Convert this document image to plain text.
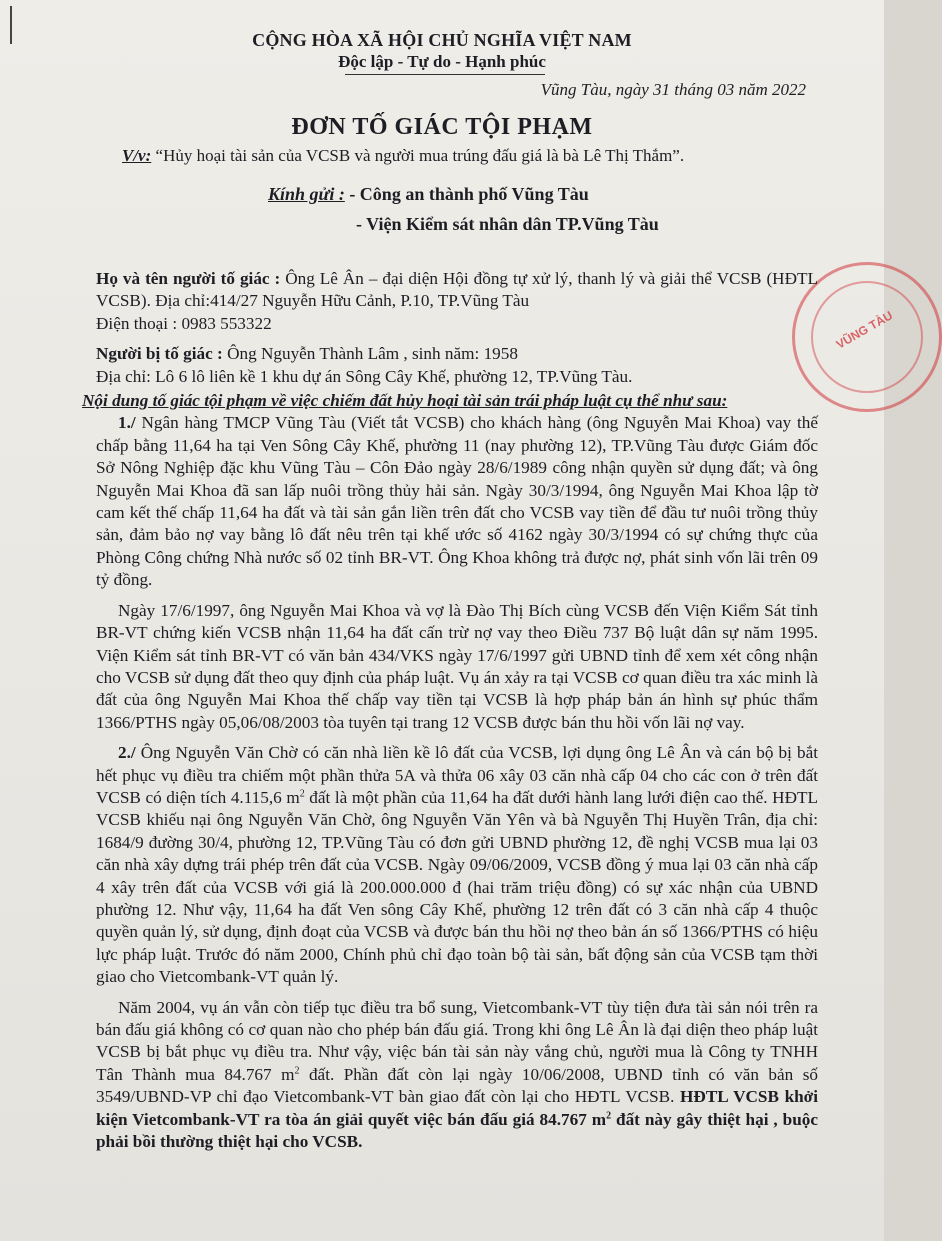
CỘNG HÒA XÃ HỘI CHỦ NGHĨA VIỆT NAM
Độc lập - Tự do - Hạnh phúc
Vũng Tàu, ngày 31 tháng 03 năm 2022
ĐƠN TỐ GIÁC TỘI PHẠM
V/v: “Hủy hoại tài sản của VCSB và người mua trúng đấu giá là bà Lê Thị Thắm”.
Kính gửi : - Công an thành phố Vũng Tàu
- Viện Kiểm sát nhân dân TP.Vũng Tàu
VŨNG TÀU

Họ và tên người tố giác : Ông Lê Ân – đại diện Hội đồng tự xử lý, thanh lý và giải thể VCSB (HĐTL VCSB). Địa chỉ:414/27 Nguyễn Hữu Cảnh, P.10, TP.Vũng Tàu

Điện thoại : 0983 553322

Người bị tố giác : Ông Nguyễn Thành Lâm , sinh năm: 1958

Địa chỉ: Lô 6 lô liên kề 1 khu dự án Sông Cây Khế, phường 12, TP.Vũng Tàu.

Nội dung tố giác tội phạm về việc chiếm đất hủy hoại tài sản trái pháp luật cụ thể như sau:

1./ Ngân hàng TMCP Vũng Tàu (Viết tắt VCSB) cho khách hàng (ông Nguyễn Mai Khoa) vay thế chấp bằng 11,64 ha tại Ven Sông Cây Khế, phường 11 (nay phường 12), TP.Vũng Tàu được Giám đốc Sở Nông Nghiệp đặc khu Vũng Tàu – Côn Đảo ngày 28/6/1989 công nhận quyền sử dụng đất; và ông Nguyễn Mai Khoa đã san lấp nuôi trồng thủy hải sản. Ngày 30/3/1994, ông Nguyễn Mai Khoa lập tờ cam kết thế chấp 11,64 ha đất và tài sản gắn liền trên đất cho VCSB vay tiền để đầu tư nuôi trồng thủy sản, đảm bảo nợ vay bằng lô đất nêu trên tại khế ước số 4162 ngày 30/3/1994 có sự chứng thực của Phòng Công chứng Nhà nước số 02 tỉnh BR-VT. Ông Khoa không trả được nợ, phát sinh vốn lãi trên 09 tỷ đồng.

Ngày 17/6/1997, ông Nguyễn Mai Khoa và vợ là Đào Thị Bích cùng VCSB đến Viện Kiểm Sát tỉnh BR-VT chứng kiến VCSB nhận 11,64 ha đất cấn trừ nợ vay theo Điều 737 Bộ luật dân sự năm 1995. Viện Kiểm sát tỉnh BR-VT có văn bản 434/VKS ngày 17/6/1997 gửi UBND tỉnh để xem xét công nhận cho VCSB sử dụng đất theo quy định của pháp luật. Vụ án xảy ra tại VCSB cơ quan điều tra xác minh là đất của ông Nguyễn Mai Khoa thế chấp vay tiền tại VCSB là hợp pháp bản án hình sự phúc thẩm 1366/PTHS ngày 05,06/08/2003 tòa tuyên tại trang 12 VCSB được bán thu hồi vốn lãi nợ vay.

2./ Ông Nguyễn Văn Chờ có căn nhà liền kề lô đất của VCSB, lợi dụng ông Lê Ân và cán bộ bị bắt hết phục vụ điều tra chiếm một phần thửa 5A và thửa 06 xây 03 căn nhà cấp 04 cho các con ở trên đất VCSB có diện tích 4.115,6 $m^2$ đất là một phần của 11,64 ha đất dưới hành lang lưới điện cao thế. HĐTL VCSB khiếu nại ông Nguyễn Văn Chờ, ông Nguyễn Văn Yên và bà Nguyễn Thị Huyền Trân, địa chỉ: 1684/9 đường 30/4, phường 12, TP.Vũng Tàu có đơn gửi UBND phường 12, đề nghị VCSB mua lại 03 căn nhà xây dựng trái phép trên đất của VCSB. Ngày 09/06/2009, VCSB đồng ý mua lại 03 căn nhà cấp 4 xây trên đất của VCSB với giá là 200.000.000 đ (hai trăm triệu đồng) có sự xác nhận của UBND phường 12. Như vậy, 11,64 ha đất Ven sông Cây Khế, phường 12 trên đất có 3 căn nhà cấp 4 thuộc quyền quản lý, sử dụng, định đoạt của VCSB và được bán thu hồi nợ theo bản án số 1366/PTHS có hiệu lực pháp luật. Trước đó năm 2000, Chính phủ chỉ đạo toàn bộ tài sản, bất động sản của VCSB tạm thời giao cho Vietcombank-VT quản lý.

Năm 2004, vụ án vẫn còn tiếp tục điều tra bổ sung, Vietcombank-VT tùy tiện đưa tài sản nói trên ra bán đấu giá không có cơ quan nào cho phép bán đấu giá. Trong khi ông Lê Ân là đại diện theo pháp luật VCSB bị bắt phục vụ điều tra. Như vậy, việc bán tài sản này vắng chủ, người mua là Công ty TNHH Tân Thành mua 84.767 $m^2$ đất. Phần đất còn lại ngày 10/06/2008, UBND tỉnh có văn bản số 3549/UBND-VP chỉ đạo Vietcombank-VT bàn giao đất còn lại cho HĐTL VCSB. HĐTL VCSB khởi kiện Vietcombank-VT ra tòa án giải quyết việc bán đấu giá 84.767 $m^2$ đất này gây thiệt hại , buộc phải bồi thường thiệt hại cho VCSB.
